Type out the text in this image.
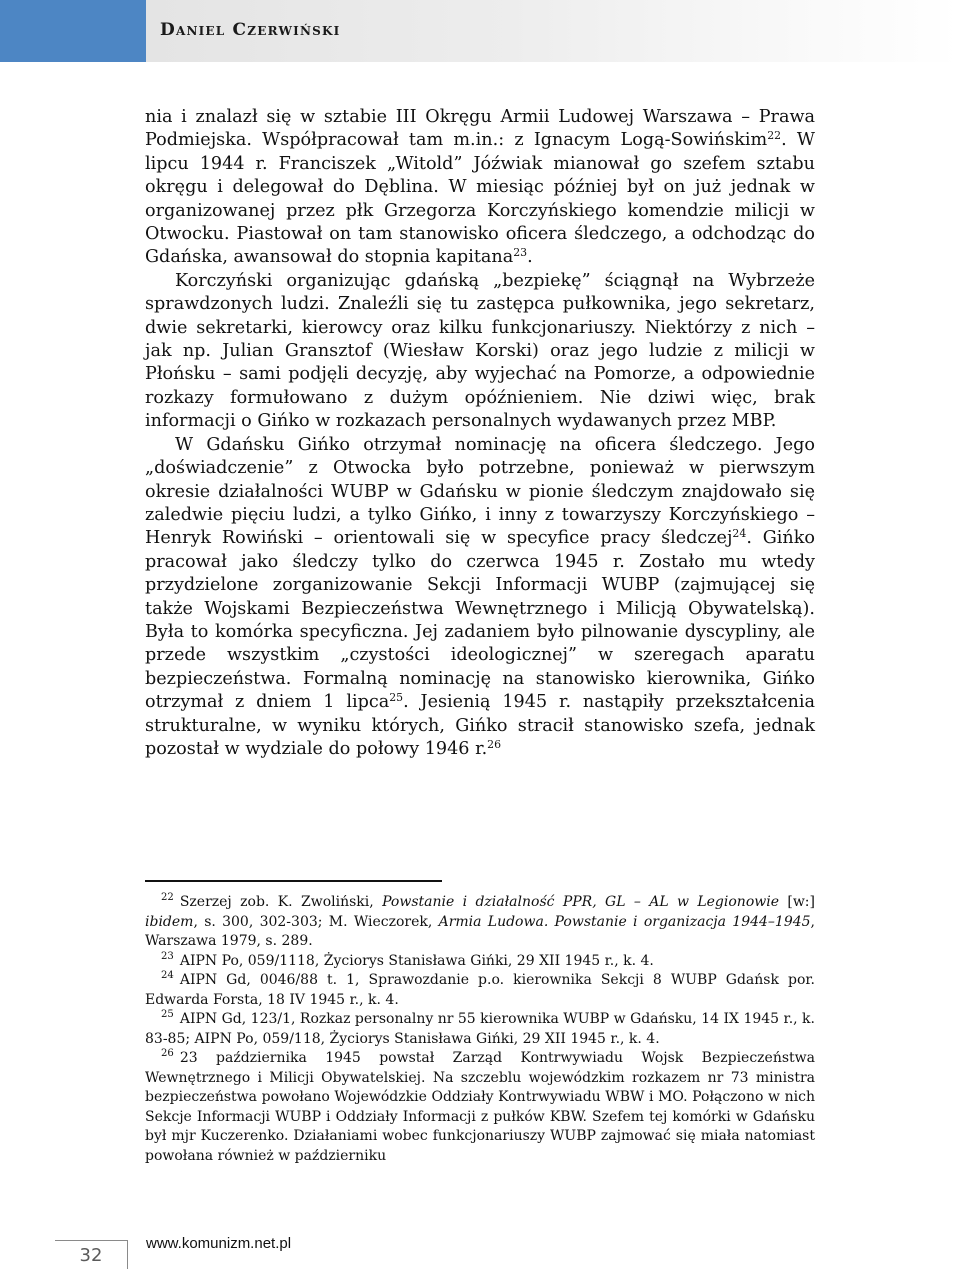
Daniel Czerwiński

nia i znalazł się w sztabie III Okręgu Armii Ludowej Warszawa – Prawa Podmiejska. Współpracował tam m.in.: z Ignacym Logą-Sowińskim$^{22}$. W lipcu 1944 r. Franciszek „Witold” Jóźwiak mianował go szefem sztabu okręgu i delegował do Dęblina. W miesiąc później był on już jednak w organizowanej przez płk Grzegorza Korczyńskiego komendzie milicji w Otwocku. Piastował on tam stanowisko oficera śledczego, a odchodząc do Gdańska, awansował do stopnia kapitana$^{23}$.

Korczyński organizując gdańską „bezpiekę” ściągnął na Wybrzeże sprawdzonych ludzi. Znaleźli się tu zastępca pułkownika, jego sekretarz, dwie sekretarki, kierowcy oraz kilku funkcjonariuszy. Niektórzy z nich – jak np. Julian Gransztof (Wiesław Korski) oraz jego ludzie z milicji w Płońsku – sami podjęli decyzję, aby wyjechać na Pomorze, a odpowiednie rozkazy formułowano z dużym opóźnieniem. Nie dziwi więc, brak informacji o Gińko w rozkazach personalnych wydawanych przez MBP.

W Gdańsku Gińko otrzymał nominację na oficera śledczego. Jego „doświadczenie” z Otwocka było potrzebne, ponieważ w pierwszym okresie działalności WUBP w Gdańsku w pionie śledczym znajdowało się zaledwie pięciu ludzi, a tylko Gińko, i inny z towarzyszy Korczyńskiego – Henryk Rowiński – orientowali się w specyfice pracy śledczej$^{24}$. Gińko pracował jako śledczy tylko do czerwca 1945 r. Zostało mu wtedy przydzielone zorganizowanie Sekcji Informacji WUBP (zajmującej się także Wojskami Bezpieczeństwa Wewnętrznego i Milicją Obywatelską). Była to komórka specyficzna. Jej zadaniem było pilnowanie dyscypliny, ale przede wszystkim „czystości ideologicznej” w szeregach aparatu bezpieczeństwa. Formalną nominację na stanowisko kierownika, Gińko otrzymał z dniem 1 lipca$^{25}$. Jesienią 1945 r. nastąpiły przekształcenia strukturalne, w wyniku których, Gińko stracił stanowisko szefa, jednak pozostał w wydziale do połowy 1946 r.$^{26}$

$^{22}$ Szerzej zob. K. Zwoliński, Powstanie i działalność PPR, GL – AL w Legionowie [w:] ibidem, s. 300, 302-303; M. Wieczorek, Armia Ludowa. Powstanie i organizacja 1944–1945, Warszawa 1979, s. 289.

$^{23}$ AIPN Po, 059/1118, Życiorys Stanisława Gińki, 29 XII 1945 r., k. 4.

$^{24}$ AIPN Gd, 0046/88 t. 1, Sprawozdanie p.o. kierownika Sekcji 8 WUBP Gdańsk por. Edwarda Forsta, 18 IV 1945 r., k. 4.

$^{25}$ AIPN Gd, 123/1, Rozkaz personalny nr 55 kierownika WUBP w Gdańsku, 14 IX 1945 r., k. 83-85; AIPN Po, 059/118, Życiorys Stanisława Gińki, 29 XII 1945 r., k. 4.

$^{26}$ 23 października 1945 powstał Zarząd Kontrwywiadu Wojsk Bezpieczeństwa Wewnętrznego i Milicji Obywatelskiej. Na szczeblu wojewódzkim rozkazem nr 73 ministra bezpieczeństwa powołano Wojewódzkie Oddziały Kontrwywiadu WBW i MO. Połączono w nich Sekcje Informacji WUBP i Oddziały Informacji z pułków KBW. Szefem tej komórki w Gdańsku był mjr Kuczerenko. Działaniami wobec funkcjonariuszy WUBP zajmować się miała natomiast powołana również w październiku

32
www.komunizm.net.pl
